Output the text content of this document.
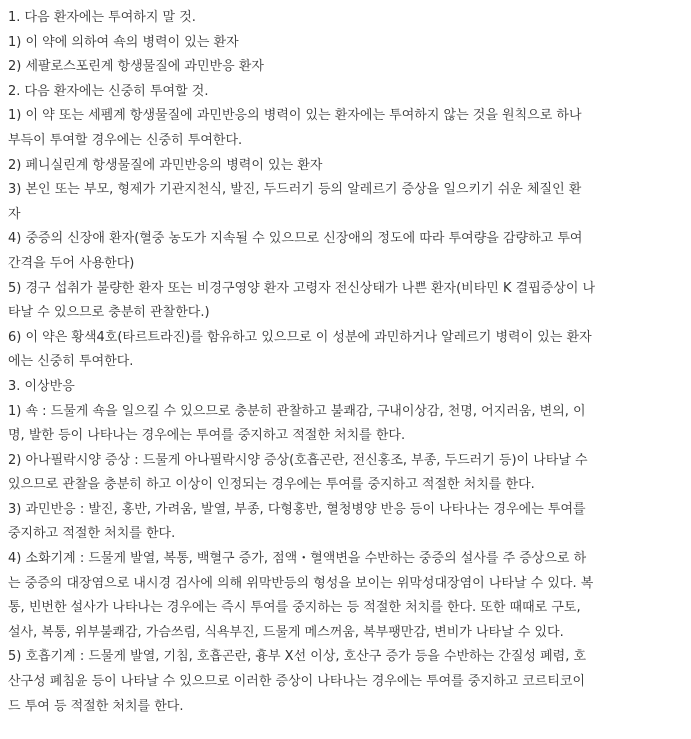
1. 다음 환자에는 투여하지 말 것.
1) 이 약에 의하여 쇽의 병력이 있는 환자
2) 세팔로스포린계 항생물질에 과민반응 환자
2. 다음 환자에는 신중히 투여할 것.
1) 이 약 또는 세펨계 항생물질에 과민반응의 병력이 있는 환자에는 투여하지 않는 것을 원칙으로 하나
부득이 투여할 경우에는 신중히 투여한다.
2) 페니실린계 항생물질에 과민반응의 병력이 있는 환자
3) 본인 또는 부모, 형제가 기관지천식, 발진, 두드러기 등의 알레르기 증상을 일으키기 쉬운 체질인 환
자
4) 중증의 신장애 환자(혈중 농도가 지속될 수 있으므로 신장애의 정도에 따라 투여량을 감량하고 투여
간격을 두어 사용한다)
5) 경구 섭취가 불량한 환자 또는 비경구영양 환자 고령자 전신상태가 나쁜 환자(비타민 K 결핍증상이 나
타날 수 있으므로 충분히 관찰한다.)
6) 이 약은 황색4호(타르트라진)를 함유하고 있으므로 이 성분에 과민하거나 알레르기 병력이 있는 환자
에는 신중히 투여한다.
3. 이상반응
1) 쇽 : 드물게 쇽을 일으킬 수 있으므로 충분히 관찰하고 불쾌감, 구내이상감, 천명, 어지러움, 변의, 이
명, 발한 등이 나타나는 경우에는 투여를 중지하고 적절한 처치를 한다.
2) 아나필락시양 증상 : 드물게 아나필락시양 증상(호흡곤란, 전신홍조, 부종, 두드러기 등)이 나타날 수
있으므로 관찰을 충분히 하고 이상이 인정되는 경우에는 투여를 중지하고 적절한 처치를 한다.
3) 과민반응 : 발진, 홍반, 가려움, 발열, 부종, 다형홍반, 혈청병양 반응 등이 나타나는 경우에는 투여를
중지하고 적절한 처치를 한다.
4) 소화기계 : 드물게 발열, 복통, 백혈구 증가, 점액・혈액변을 수반하는 중증의 설사를 주 증상으로 하
는 중증의 대장염으로 내시경 검사에 의해 위막반등의 형성을 보이는 위막성대장염이 나타날 수 있다. 복
통, 빈번한 설사가 나타나는 경우에는 즉시 투여를 중지하는 등 적절한 처치를 한다. 또한 때때로 구토,
설사, 복통, 위부불쾌감, 가슴쓰림, 식욕부진, 드물게 메스꺼움, 복부팽만감, 변비가 나타날 수 있다.
5) 호흡기계 : 드물게 발열, 기침, 호흡곤란, 흉부 X선 이상, 호산구 증가 등을 수반하는 간질성 폐렴, 호
산구성 폐침윤 등이 나타날 수 있으므로 이러한 증상이 나타나는 경우에는 투여를 중지하고 코르티코이
드 투여 등 적절한 처치를 한다.
